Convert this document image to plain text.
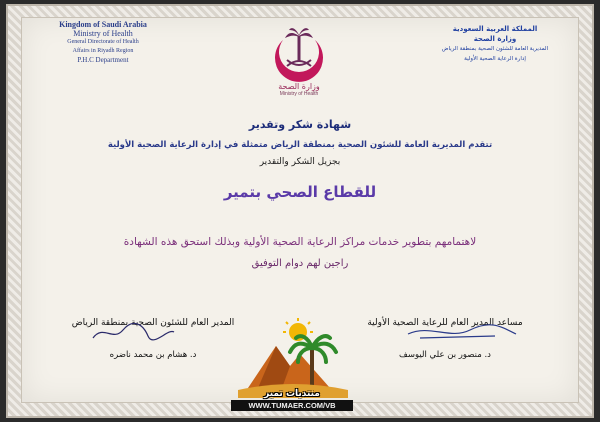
Kingdom of Saudi Arabia
Ministry of Health
General Directorate of Health
Affairs in Riyadh Region
P.H.C Department
المملكة العربية السعودية
وزارة الصحة
المديرية العامة للشئون الصحية بمنطقة الرياض
إدارة الرعاية الصحية الأولية
وزارة الصحة
Ministry of Health
شهادة شكر وتقدير
تتقدم المديرية العامة للشئون الصحية بمنطقة الرياض متمثلة في إدارة الرعاية الصحية الأولية
بجزيل الشكر والتقدير
للقطاع الصحي بتمير
لاهتمامهم بتطوير خدمات مراكز الرعاية الصحية الأولية وبذلك استحق هذه الشهادة
راجين لهم دوام التوفيق
المدير العام للشئون الصحية بمنطقة الرياض
د. هشام بن محمد ناضره
مساعد المدير العام للرعاية الصحية الأولية
د. منصور بن علي اليوسف
منتديات تمير
WWW.TUMAER.COM/VB
